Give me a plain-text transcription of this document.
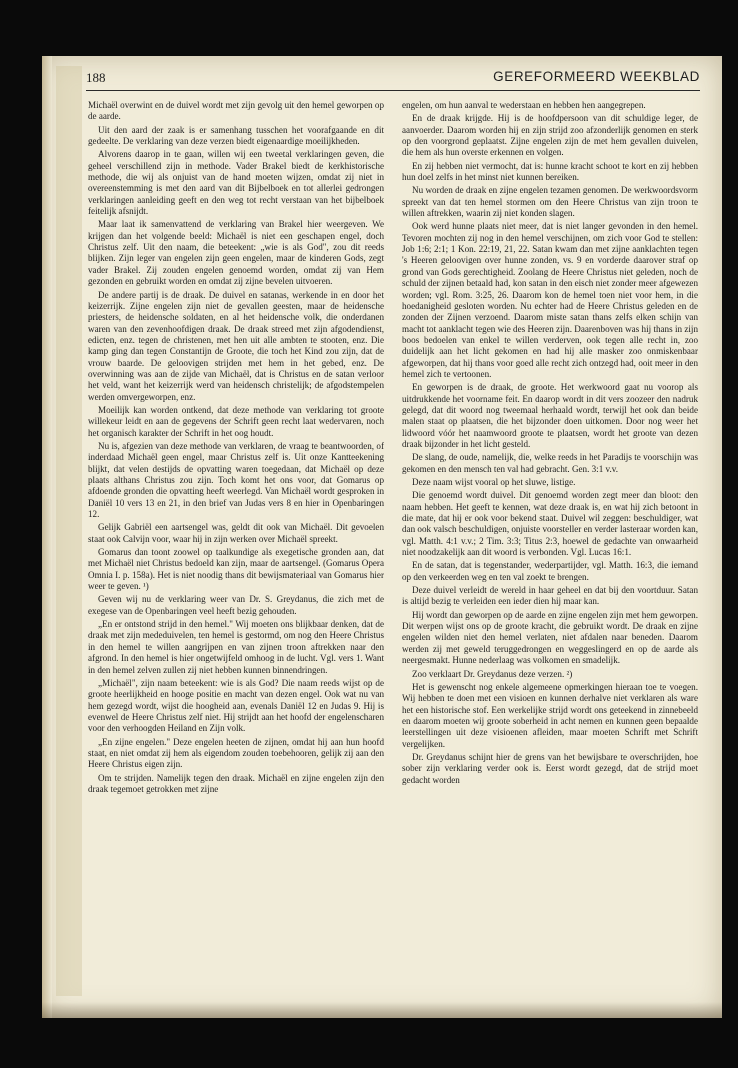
188	GEREFORMEERD WEEKBLAD

Michaël overwint en de duivel wordt met zijn gevolg uit den hemel geworpen op de aarde.

Uit den aard der zaak is er samenhang tusschen het voorafgaande en dit gedeelte. De verklaring van deze verzen biedt eigenaardige moeilijkheden.

Alvorens daarop in te gaan, willen wij een tweetal verklaringen geven, die geheel verschillend zijn in methode. Vader Brakel biedt de kerkhistorische methode, die wij als onjuist van de hand moeten wijzen, omdat zij niet in overeenstemming is met den aard van dit Bijbelboek en tot allerlei gedrongen verklaringen aanleiding geeft en den weg tot recht verstaan van het bijbelboek feitelijk afsnijdt.

Maar laat ik samenvattend de verklaring van Brakel hier weergeven. We krijgen dan het volgende beeld: Michaël is niet een geschapen engel, doch Christus zelf. Uit den naam, die beteekent: „wie is als God", zou dit reeds blijken. Zijn leger van engelen zijn geen engelen, maar de kinderen Gods, zegt vader Brakel. Zij zouden engelen genoemd worden, omdat zij van Hem gezonden en gebruikt worden en omdat zij zijne bevelen uitvoeren.

De andere partij is de draak. De duivel en satanas, werkende in en door het keizerrijk. Zijne engelen zijn niet de gevallen geesten, maar de heidensche priesters, de heidensche soldaten, en al het heidensche volk, die onderdanen waren van den zevenhoofdigen draak. De draak streed met zijn afgodendienst, edicten, enz. tegen de christenen, met hen uit alle ambten te stooten, enz. Die kamp ging dan tegen Constantijn de Groote, die toch het Kind zou zijn, dat de vrouw baarde. De geloovigen strijden met hem in het gebed, enz. De overwinning was aan de zijde van Michaël, dat is Christus en de satan verloor het veld, want het keizerrijk werd van heidensch christelijk; de afgodstempelen werden omvergeworpen, enz.

Moeilijk kan worden ontkend, dat deze methode van verklaring tot groote willekeur leidt en aan de gegevens der Schrift geen recht laat wedervaren, noch het organisch karakter der Schrift in het oog houdt.

Nu is, afgezien van deze methode van verklaren, de vraag te beantwoorden, of inderdaad Michaël geen engel, maar Christus zelf is. Uit onze Kantteekening blijkt, dat velen destijds de opvatting waren toegedaan, dat Michaël op deze plaats althans Christus zou zijn. Toch komt het ons voor, dat Gomarus op afdoende gronden die opvatting heeft weerlegd. Van Michaël wordt gesproken in Daniël 10 vers 13 en 21, in den brief van Judas vers 8 en hier in Openbaringen 12.

Gelijk Gabriël een aartsengel was, geldt dit ook van Michaël. Dit gevoelen staat ook Calvijn voor, waar hij in zijn werken over Michaël spreekt.

Gomarus dan toont zoowel op taalkundige als exegetische gronden aan, dat met Michaël niet Christus bedoeld kan zijn, maar de aartsengel. (Gomarus Opera Omnia I. p. 158a). Het is niet noodig thans dit bewijsmateriaal van Gomarus hier weer te geven. ¹)

Geven wij nu de verklaring weer van Dr. S. Greydanus, die zich met de exegese van de Openbaringen veel heeft bezig gehouden.

„En er ontstond strijd in den hemel." Wij moeten ons blijkbaar denken, dat de draak met zijn mededuivelen, ten hemel is gestormd, om nog den Heere Christus in den hemel te willen aangrijpen en van zijnen troon aftrekken naar den afgrond. In den hemel is hier ongetwijfeld omhoog in de lucht. Vgl. vers 1. Want in den hemel zelven zullen zij niet hebben kunnen binnendringen.

„Michaël", zijn naam beteekent: wie is als God? Die naam reeds wijst op de groote heerlijkheid en hooge positie en macht van dezen engel. Ook wat nu van hem gezegd wordt, wijst die hoogheid aan, evenals Daniël 12 en Judas 9. Hij is evenwel de Heere Christus zelf niet. Hij strijdt aan het hoofd der engelenscharen voor den verhoogden Heiland en Zijn volk.

„En zijne engelen." Deze engelen heeten de zijnen, omdat hij aan hun hoofd staat, en niet omdat zij hem als eigendom zouden toebehooren, gelijk zij aan den Heere Christus eigen zijn.

Om te strijden. Namelijk tegen den draak. Michaël en zijne engelen zijn den draak tegemoet getrokken met zijne

engelen, om hun aanval te wederstaan en hebben hen aangegrepen.

En de draak krijgde. Hij is de hoofdpersoon van dit schuldige leger, de aanvoerder. Daarom worden hij en zijn strijd zoo afzonderlijk genomen en sterk op den voorgrond geplaatst. Zijne engelen zijn de met hem gevallen duivelen, die hem als hun overste erkennen en volgen.

En zij hebben niet vermocht, dat is: hunne kracht schoot te kort en zij hebben hun doel zelfs in het minst niet kunnen bereiken.

Nu worden de draak en zijne engelen tezamen genomen. De werkwoordsvorm spreekt van dat ten hemel stormen om den Heere Christus van zijn troon te willen aftrekken, waarin zij niet konden slagen.

Ook werd hunne plaats niet meer, dat is niet langer gevonden in den hemel. Tevoren mochten zij nog in den hemel verschijnen, om zich voor God te stellen: Job 1:6; 2:1; 1 Kon. 22:19, 21, 22. Satan kwam dan met zijne aanklachten tegen 's Heeren geloovigen over hunne zonden, vs. 9 en vorderde daarover straf op grond van Gods gerechtigheid. Zoolang de Heere Christus niet geleden, noch de schuld der zijnen betaald had, kon satan in den eisch niet zonder meer afgewezen worden; vgl. Rom. 3:25, 26. Daarom kon de hemel toen niet voor hem, in die hoedanigheid gesloten worden. Nu echter had de Heere Christus geleden en de zonden der Zijnen verzoend. Daarom miste satan thans zelfs elken schijn van macht tot aanklacht tegen wie des Heeren zijn. Daarenboven was hij thans in zijn boos bedoelen van enkel te willen verderven, ook tegen alle recht in, zoo duidelijk aan het licht gekomen en had hij alle masker zoo onmiskenbaar afgeworpen, dat hij thans voor goed alle recht zich ontzegd had, ooit meer in den hemel zich te vertoonen.

En geworpen is de draak, de groote. Het werkwoord gaat nu voorop als uitdrukkende het voorname feit. En daarop wordt in dit vers zoozeer den nadruk gelegd, dat dit woord nog tweemaal herhaald wordt, terwijl het ook dan beide malen staat op plaatsen, die het bijzonder doen uitkomen. Door nog weer het lidwoord vóór het naamwoord groote te plaatsen, wordt het groote van dezen draak bijzonder in het licht gesteld.

De slang, de oude, namelijk, die, welke reeds in het Paradijs te voorschijn was gekomen en den mensch ten val had gebracht. Gen. 3:1 v.v.

Deze naam wijst vooral op het sluwe, listige.

Die genoemd wordt duivel. Dit genoemd worden zegt meer dan bloot: den naam hebben. Het geeft te kennen, wat deze draak is, en wat hij zich betoont in die mate, dat hij er ook voor bekend staat. Duivel wil zeggen: beschuldiger, wat dan ook valsch beschuldigen, onjuiste voorsteller en verder lasteraar worden kan, vgl. Matth. 4:1 v.v.; 2 Tim. 3:3; Titus 2:3, hoewel de gedachte van onwaarheid niet noodzakelijk aan dit woord is verbonden. Vgl. Lucas 16:1.

En de satan, dat is tegenstander, wederpartijder, vgl. Matth. 16:3, die iemand op den verkeerden weg en ten val zoekt te brengen.

Deze duivel verleidt de wereld in haar geheel en dat bij den voortduur. Satan is altijd bezig te verleiden een ieder dien hij maar kan.

Hij wordt dan geworpen op de aarde en zijne engelen zijn met hem geworpen. Dit werpen wijst ons op de groote kracht, die gebruikt wordt. De draak en zijne engelen wilden niet den hemel verlaten, niet afdalen naar beneden. Daarom werden zij met geweld teruggedrongen en weggeslingerd en op de aarde als neergesmakt. Hunne nederlaag was volkomen en smadelijk.

Zoo verklaart Dr. Greydanus deze verzen. ²)

Het is gewenscht nog enkele algemeene opmerkingen hieraan toe te voegen. Wij hebben te doen met een visioen en kunnen derhalve niet verklaren als ware het een historische stof. Een werkelijke strijd wordt ons geteekend in zinnebeeld en daarom moeten wij groote soberheid in acht nemen en kunnen geen bepaalde leerstellingen uit deze visioenen afleiden, maar moeten Schrift met Schrift vergelijken.

Dr. Greydanus schijnt hier de grens van het bewijsbare te overschrijden, hoe sober zijn verklaring verder ook is. Eerst wordt gezegd, dat de strijd moet gedacht worden
